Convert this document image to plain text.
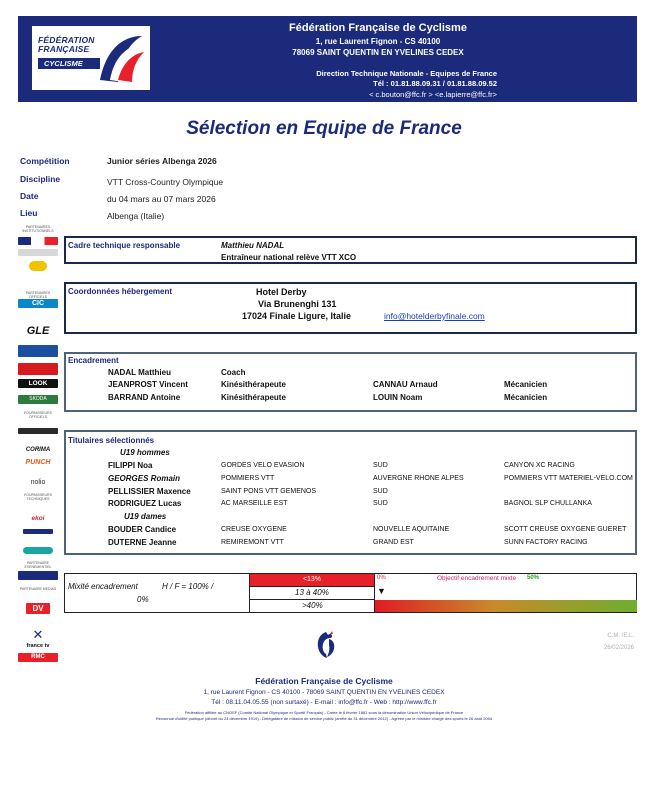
FÉDÉRATION
FRANÇAISE
CYCLISME
Fédération Française de Cyclisme
1, rue Laurent Fignon - CS 40100
78069 SAINT QUENTIN EN YVELINES CEDEX
Direction Technique Nationale - Equipes de France
Tél : 01.81.88.09.31 / 01.81.88.09.52
< c.bouton@ffc.fr > <e.lapierre@ffc.fr>
Sélection en Equipe de France
Compétition	Junior séries Albenga 2026
Discipline	VTT Cross-Country Olympique
Date	du 04 mars au 07 mars 2026
Lieu	Albenga (Italie)
PARTENAIRES INSTITUTIONNELS
PARTENAIRES OFFICIELS
CIC
GLE
LOOK
SKODA
FOURNISSEURS OFFICIELS
CORIMA
PUNCH
nolio
FOURNISSEURS TECHNIQUES
ekoi
PARTENAIRE EVENEMENTIEL
PARTENAIRE MEDIAS
DV
✕
france tv
RMC
Cadre technique responsable	Matthieu NADAL
Entraîneur national relève VTT XCO
Coordonnées hébergement	Hotel Derby
Via Brunenghi 131
17024 Finale Ligure, Italie	info@hotelderbyfinale.com
Encadrement
NADAL Matthieu	Coach
JEANPROST Vincent	Kinésithérapeute	CANNAU Arnaud	Mécanicien
BARRAND Antoine	Kinésithérapeute	LOUIN Noam	Mécanicien
Titulaires sélectionnés
U19 hommes
FILIPPI Noa	GORDES VELO EVASION	SUD	CANYON XC RACING
GEORGES Romain	POMMIERS VTT	AUVERGNE RHONE ALPES	POMMIERS VTT MATERIEL-VELO.COM
PELLISSIER Maxence	SAINT PONS VTT GEMENOS	SUD
RODRIGUEZ Lucas	AC MARSEILLE EST	SUD	BAGNOL SLP CHULLANKA
U19 dames
BOUDER Candice	CREUSE OXYGENE	NOUVELLE AQUITAINE	SCOTT CREUSE OXYGENE GUERET
DUTERNE Jeanne	REMIREMONT VTT	GRAND EST	SUNN FACTORY RACING
Mixité encadrement	H / F = 100% /
0%
<13%
13 à 40%
>40%
0%	Objectif encadrement mixte 50%
▼
C.M. /E.L.
26/02/2026
Fédération Française de Cyclisme
1, rue Laurent Fignon - CS 40100 - 78069 SAINT QUENTIN EN YVELINES CEDEX
Tél : 08.11.04.05.55 (non surtaxé) - E-mail : info@ffc.fr - Web : http://www.ffc.fr
Fédération affiliée au CNOSF (Comité National Olympique et Sportif Français) - Créée le 6 février 1881 sous la dénomination Union Vélocipédique de France
Reconnue d'utilité publique (décret du 24 décembre 1919) - Délégataire de mission de service public (arrêté du 31 décembre 2012) - Agréée par le ministre chargé des sports le 26 août 2004
